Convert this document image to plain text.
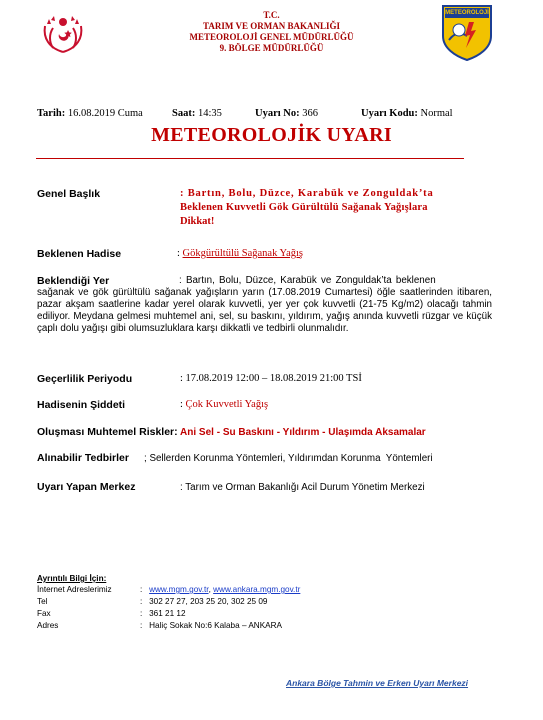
METEOROLOJİ
T.C.
TARIM VE ORMAN BAKANLIĞI
METEOROLOJİ GENEL MÜDÜRLÜĞÜ
9. BÖLGE MÜDÜRLÜĞÜ
Tarih: 16.08.2019 Cuma	Saat: 14:35	Uyarı No: 366	Uyarı Kodu: Normal
METEOROLOJİK UYARI
Genel Başlık	: Bartın, Bolu, Düzce, Karabük ve Zonguldak’ta
Beklenen Kuvvetli Gök Gürültülü Sağanak Yağışlara
Dikkat!
Beklenen Hadise	: Gökgürültülü Sağanak Yağış
Beklendiği Yer	: Bartın, Bolu, Düzce, Karabük ve Zonguldak’ta beklenen
sağanak ve gök gürültülü sağanak yağışların yarın (17.08.2019 Cumartesi) öğle saatlerinden itibaren, pazar akşam saatlerine kadar yerel olarak kuvvetli, yer yer çok kuvvetli (21-75 Kg/m2) olacağı tahmin ediliyor. Meydana gelmesi muhtemel ani, sel, su baskını, yıldırım, yağış anında kuvvetli rüzgar ve küçük çaplı dolu yağışı gibi olumsuzluklara karşı dikkatli ve tedbirli olunmalıdır.
Geçerlilik Periyodu	: 17.08.2019 12:00 – 18.08.2019 21:00 TSİ
Hadisenin Şiddeti	: Çok Kuvvetli Yağış
Oluşması Muhtemel Riskler: Ani Sel - Su Baskını - Yıldırım - Ulaşımda Aksamalar
Alınabilir Tedbirler ; Sellerden Korunma Yöntemleri, Yıldırımdan Korunma  Yöntemleri
Uyarı Yapan Merkez	: Tarım ve Orman Bakanlığı Acil Durum Yönetim Merkezi
Ayrıntılı Bilgi İçin:
İnternet Adreslerimiz	:   www.mgm.gov.tr, www.ankara.mgm.gov.tr
Tel	:   302 27 27, 203 25 20, 302 25 09
Fax	:   361 21 12
Adres	:   Haliç Sokak No:6 Kalaba – ANKARA
Ankara Bölge Tahmin ve Erken Uyarı Merkezi
